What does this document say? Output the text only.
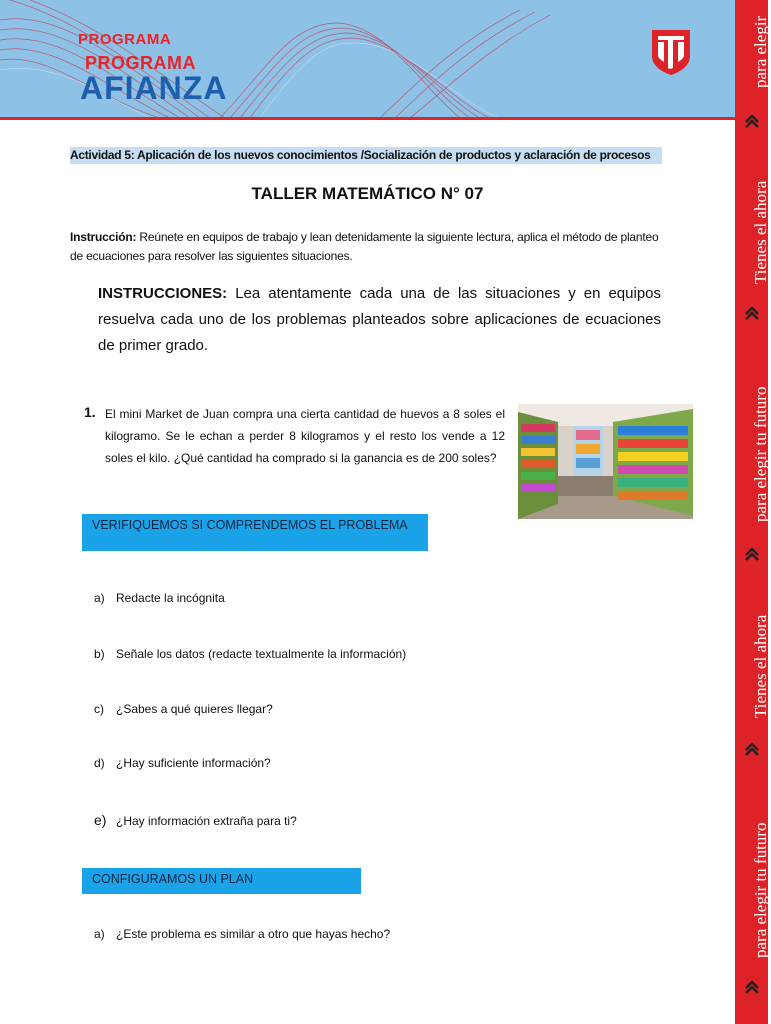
PROGRAMA
PROGRAMA
AFIANZA	para elegir
Tienes el ahora
para elegir tu futuro
Tienes el ahora
para elegir tu futuro
Actividad 5: Aplicación de los nuevos conocimientos /Socialización de productos y aclaración de procesos
TALLER MATEMÁTICO N° 07
Instrucción: Reúnete en equipos de trabajo y lean detenidamente la siguiente lectura, aplica el método de planteo de ecuaciones para resolver las siguientes situaciones.
INSTRUCCIONES: Lea atentamente cada una de las situaciones y en equipos resuelva cada uno de los problemas planteados sobre aplicaciones de ecuaciones de primer grado.
1. El mini Market de Juan compra una cierta cantidad de huevos a 8 soles el kilogramo. Se le echan a perder 8 kilogramos y el resto los vende a 12 soles el kilo. ¿Qué cantidad ha comprado si la ganancia es de 200 soles?
VERIFIQUEMOS SI COMPRENDEMOS EL PROBLEMA
a) Redacte la incógnita
b) Señale los datos (redacte textualmente la información)
c) ¿Sabes a qué quieres llegar?
d) ¿Hay suficiente información?
e) ¿Hay información extraña para ti?
CONFIGURAMOS UN PLAN
a) ¿Este problema es similar a otro que hayas hecho?
